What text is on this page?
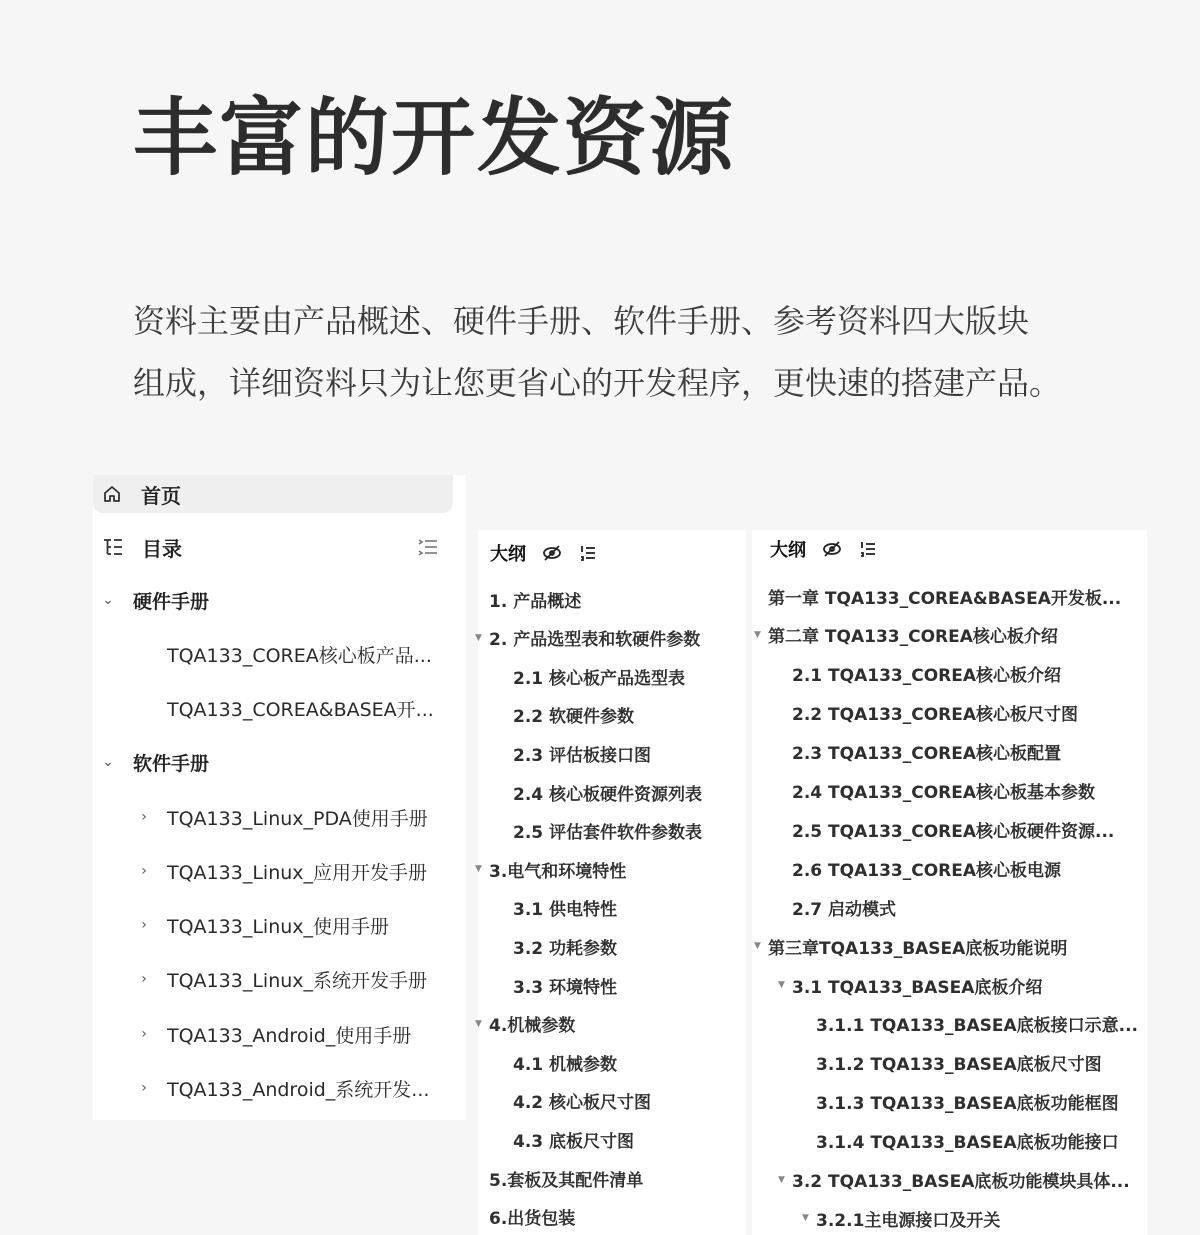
丰富的开发资源
资料主要由产品概述、硬件手册、软件手册、参考资料四大版块
组成，详细资料只为让您更省心的开发程序，更快速的搭建产品。
首页
目录
⌄ 硬件手册
TQA133_COREA核心板产品...
TQA133_COREA&BASEA开...
⌄ 软件手册
› TQA133_Linux_PDA使用手册
› TQA133_Linux_应用开发手册
› TQA133_Linux_使用手册
› TQA133_Linux_系统开发手册
› TQA133_Android_使用手册
› TQA133_Android_系统开发...
大纲
1. 产品概述
▼ 2. 产品选型表和软硬件参数
2.1 核心板产品选型表
2.2 软硬件参数
2.3 评估板接口图
2.4 核心板硬件资源列表
2.5 评估套件软件参数表
▼ 3.电气和环境特性
3.1 供电特性
3.2 功耗参数
3.3 环境特性
▼ 4.机械参数
4.1 机械参数
4.2 核心板尺寸图
4.3 底板尺寸图
5.套板及其配件清单
6.出货包装
大纲
第一章 TQA133_COREA&BASEA开发板...
▼ 第二章 TQA133_COREA核心板介绍
2.1 TQA133_COREA核心板介绍
2.2 TQA133_COREA核心板尺寸图
2.3 TQA133_COREA核心板配置
2.4 TQA133_COREA核心板基本参数
2.5 TQA133_COREA核心板硬件资源...
2.6 TQA133_COREA核心板电源
2.7 启动模式
▼ 第三章TQA133_BASEA底板功能说明
▼ 3.1 TQA133_BASEA底板介绍
3.1.1 TQA133_BASEA底板接口示意...
3.1.2 TQA133_BASEA底板尺寸图
3.1.3 TQA133_BASEA底板功能框图
3.1.4 TQA133_BASEA底板功能接口
▼ 3.2 TQA133_BASEA底板功能模块具体...
▼ 3.2.1主电源接口及开关
